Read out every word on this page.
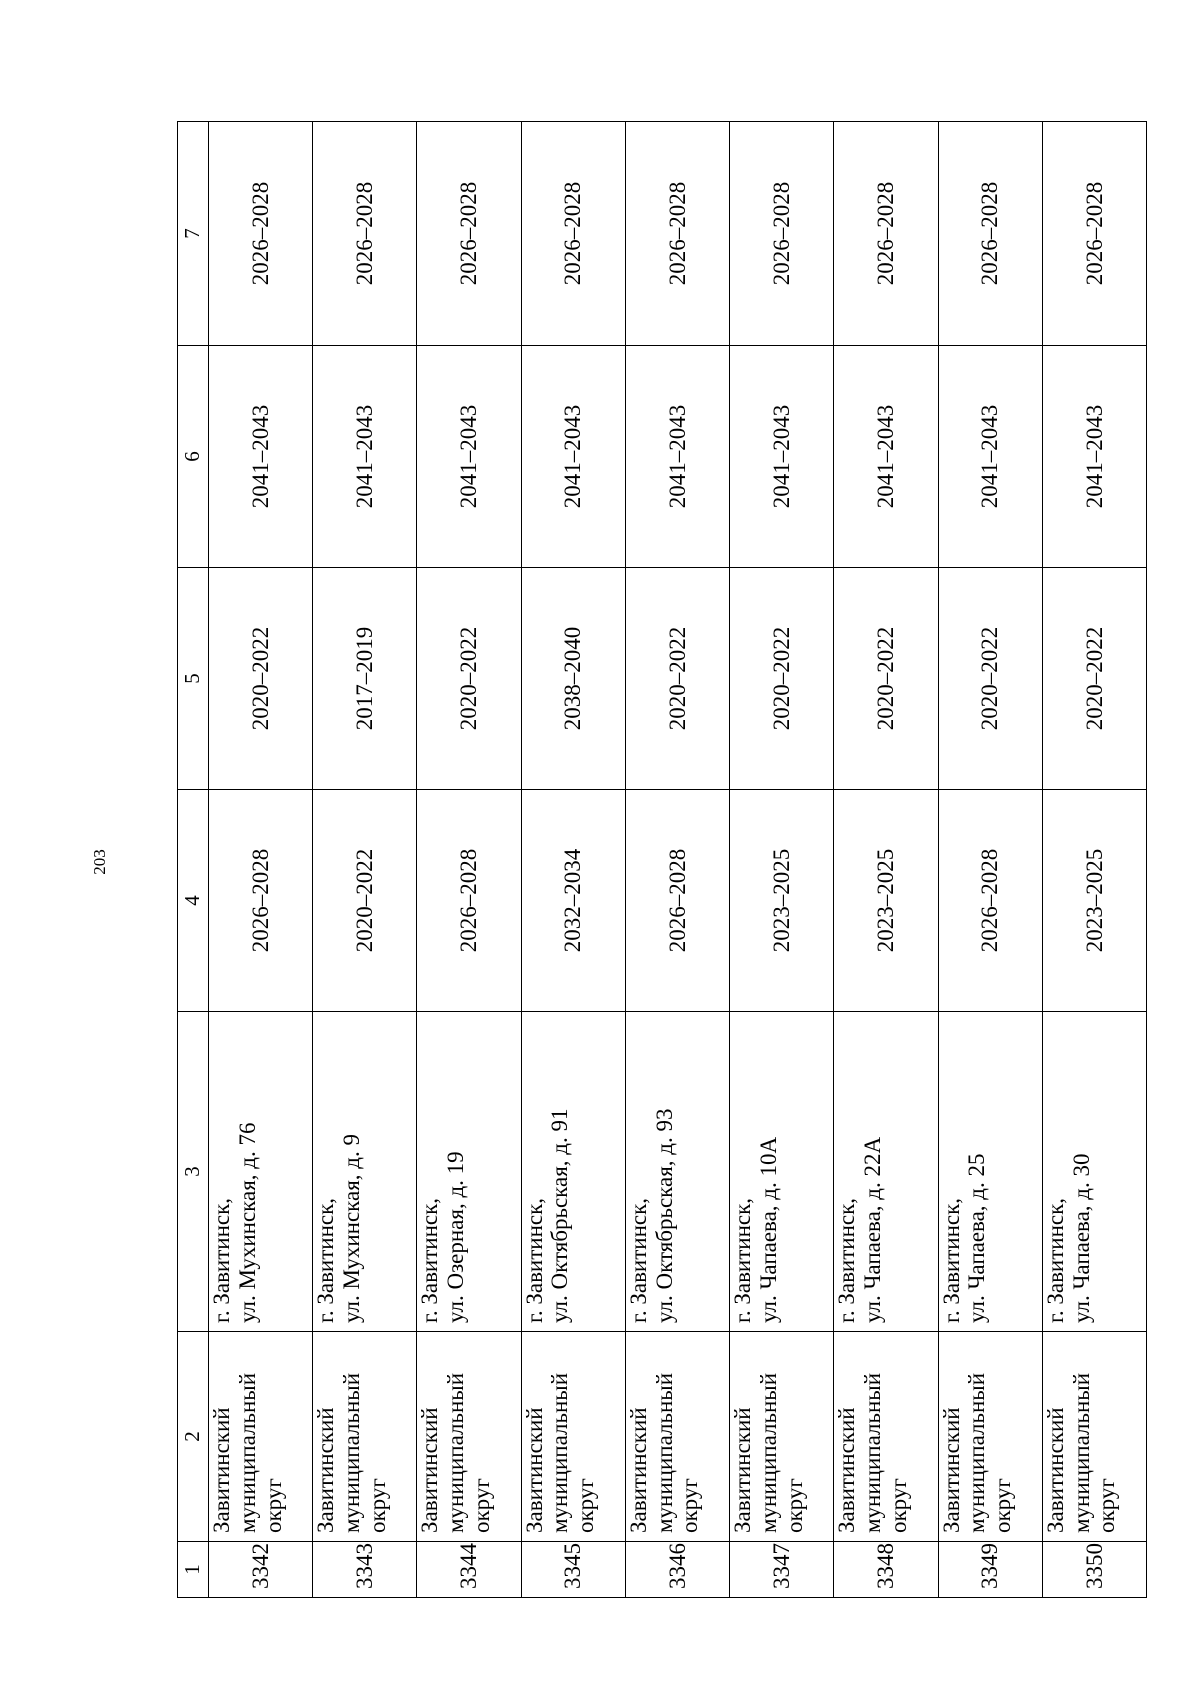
203
1	2	3	4	5	6	7
3342	Завитинский муниципальный округ	г. Завитинск, ул. Мухинская, д. 76	2026–2028	2020–2022	2041–2043	2026–2028
3343	Завитинский муниципальный округ	г. Завитинск, ул. Мухинская, д. 9	2020–2022	2017–2019	2041–2043	2026–2028
3344	Завитинский муниципальный округ	г. Завитинск, ул. Озерная, д. 19	2026–2028	2020–2022	2041–2043	2026–2028
3345	Завитинский муниципальный округ	г. Завитинск, ул. Октябрьская, д. 91	2032–2034	2038–2040	2041–2043	2026–2028
3346	Завитинский муниципальный округ	г. Завитинск, ул. Октябрьская, д. 93	2026–2028	2020–2022	2041–2043	2026–2028
3347	Завитинский муниципальный округ	г. Завитинск, ул. Чапаева, д. 10А	2023–2025	2020–2022	2041–2043	2026–2028
3348	Завитинский муниципальный округ	г. Завитинск, ул. Чапаева, д. 22А	2023–2025	2020–2022	2041–2043	2026–2028
3349	Завитинский муниципальный округ	г. Завитинск, ул. Чапаева, д. 25	2026–2028	2020–2022	2041–2043	2026–2028
3350	Завитинский муниципальный округ	г. Завитинск, ул. Чапаева, д. 30	2023–2025	2020–2022	2041–2043	2026–2028
